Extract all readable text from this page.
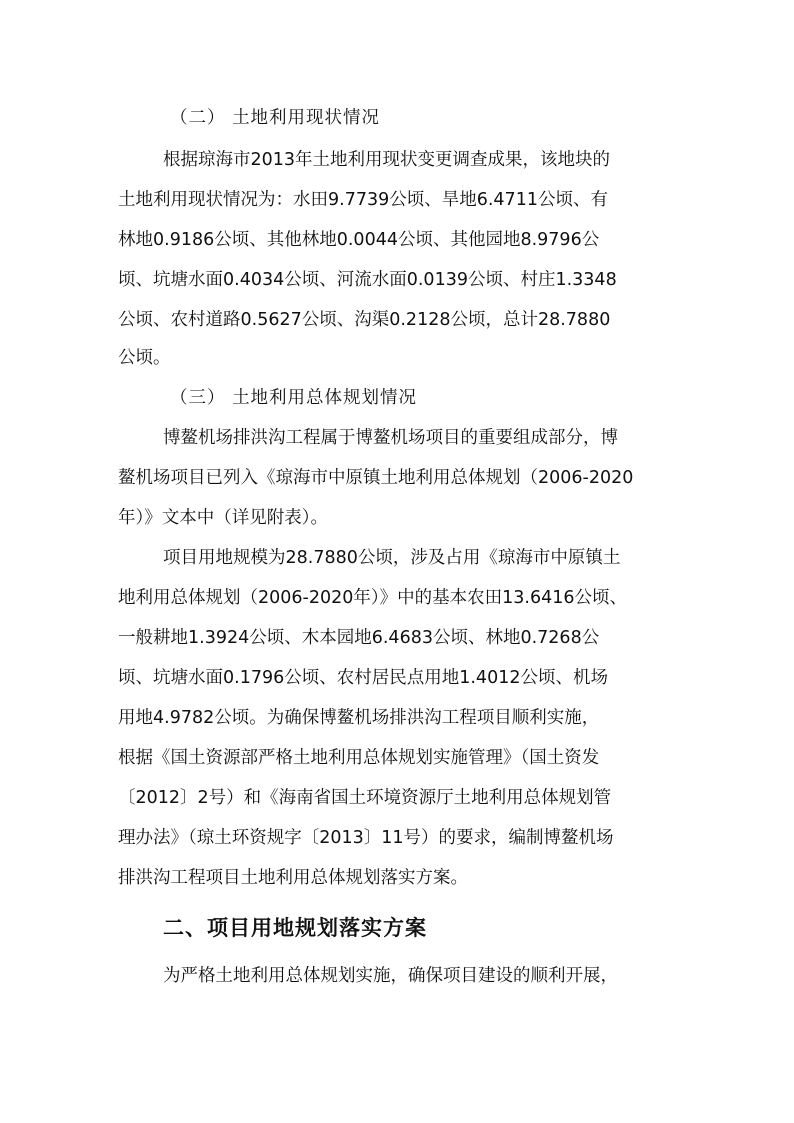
（二） 土地利用现状情况
根据琼海市2013年土地利用现状变更调查成果，该地块的
土地利用现状情况为：水田9.7739公顷、旱地6.4711公顷、有
林地0.9186公顷、其他林地0.0044公顷、其他园地8.9796公
顷、坑塘水面0.4034公顷、河流水面0.0139公顷、村庄1.3348
公顷、农村道路0.5627公顷、沟渠0.2128公顷，总计28.7880
公顷。
（三） 土地利用总体规划情况
博鳌机场排洪沟工程属于博鳌机场项目的重要组成部分，博
鳌机场项目已列入《琼海市中原镇土地利用总体规划（2006-2020
年）》文本中（详见附表）。
项目用地规模为28.7880公顷，涉及占用《琼海市中原镇土
地利用总体规划（2006-2020年）》中的基本农田13.6416公顷、
一般耕地1.3924公顷、木本园地6.4683公顷、林地0.7268公
顷、坑塘水面0.1796公顷、农村居民点用地1.4012公顷、机场
用地4.9782公顷。为确保博鳌机场排洪沟工程项目顺利实施，
根据《国土资源部严格土地利用总体规划实施管理》（国土资发
〔2012〕2号）和《海南省国土环境资源厅土地利用总体规划管
理办法》（琼土环资规字〔2013〕11号）的要求，编制博鳌机场
排洪沟工程项目土地利用总体规划落实方案。
二、项目用地规划落实方案
为严格土地利用总体规划实施，确保项目建设的顺利开展，
